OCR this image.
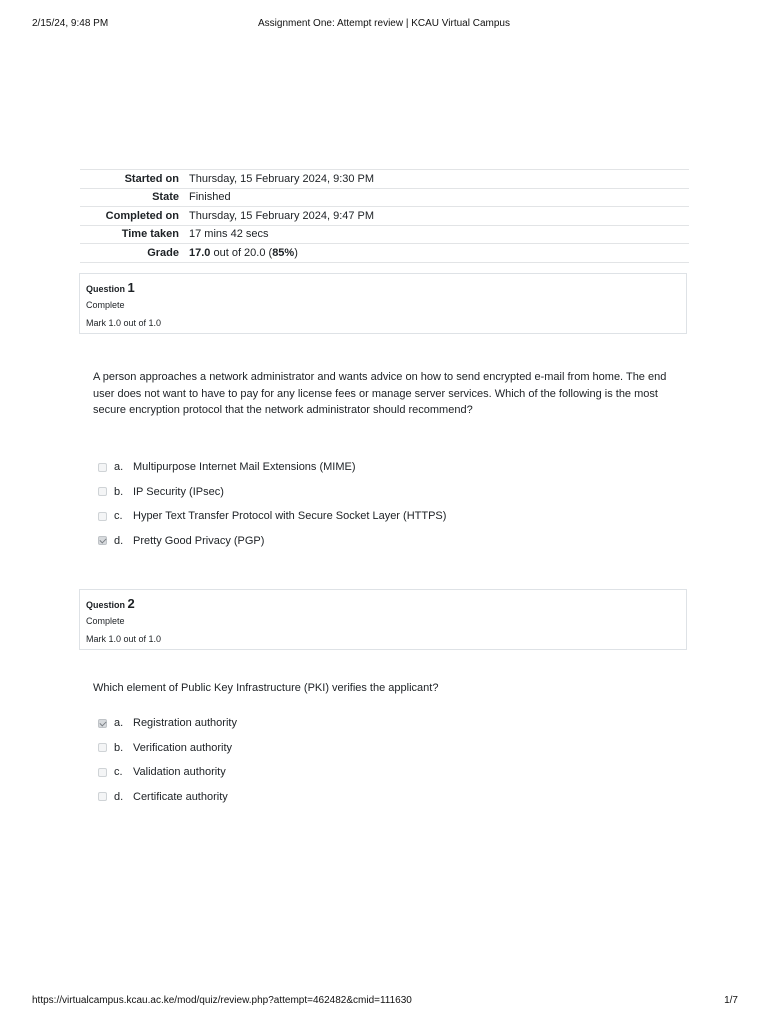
2/15/24, 9:48 PM	Assignment One: Attempt review | KCAU Virtual Campus
Started on	Thursday, 15 February 2024, 9:30 PM
State	Finished
Completed on	Thursday, 15 February 2024, 9:47 PM
Time taken	17 mins 42 secs
Grade	17.0 out of 20.0 (85%)
Question 1
Complete
Mark 1.0 out of 1.0
A person approaches a network administrator and wants advice on how to send encrypted e-mail from home. The end user does not want to have to pay for any license fees or manage server services. Which of the following is the most secure encryption protocol that the network administrator should recommend?
a. Multipurpose Internet Mail Extensions (MIME)
b. IP Security (IPsec)
c. Hyper Text Transfer Protocol with Secure Socket Layer (HTTPS)
d. Pretty Good Privacy (PGP)
Question 2
Complete
Mark 1.0 out of 1.0
Which element of Public Key Infrastructure (PKI) verifies the applicant?
a. Registration authority
b. Verification authority
c. Validation authority
d. Certificate authority
https://virtualcampus.kcau.ac.ke/mod/quiz/review.php?attempt=462482&cmid=111630	1/7
